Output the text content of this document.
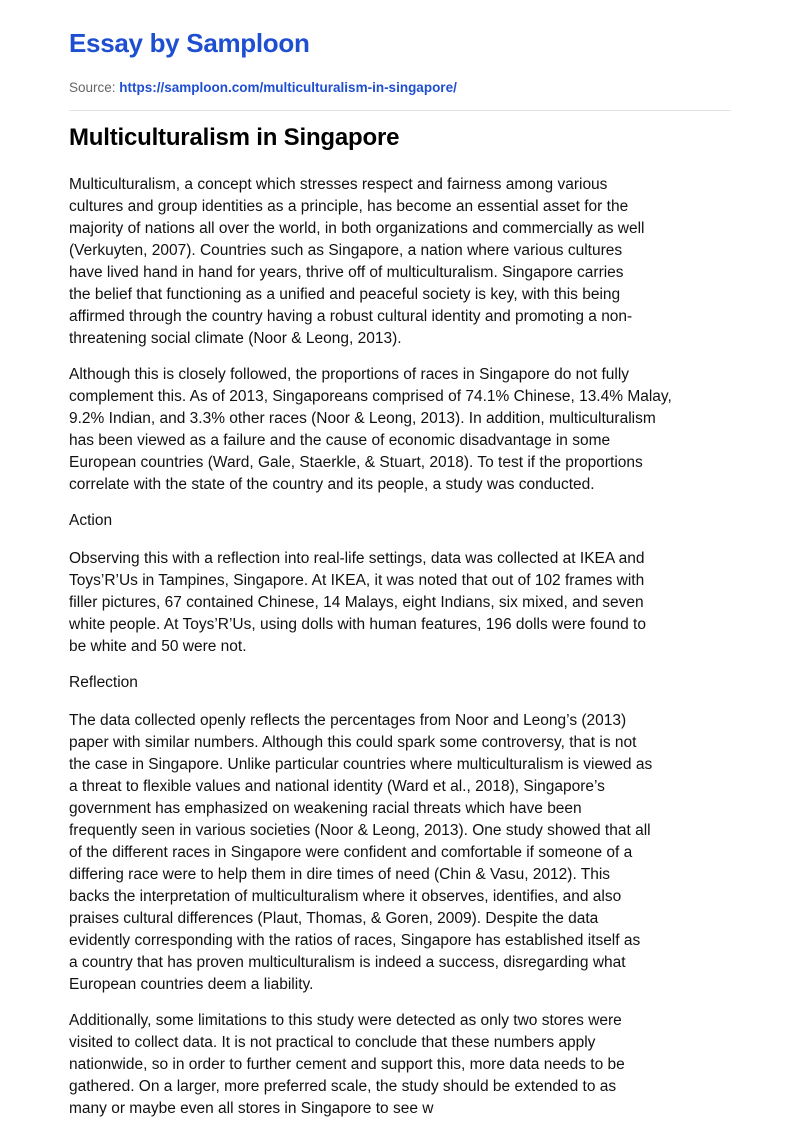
Essay by Samploon
Source: https://samploon.com/multiculturalism-in-singapore/
Multiculturalism in Singapore
Multiculturalism, a concept which stresses respect and fairness among various
cultures and group identities as a principle, has become an essential asset for the
majority of nations all over the world, in both organizations and commercially as well
(Verkuyten, 2007). Countries such as Singapore, a nation where various cultures
have lived hand in hand for years, thrive off of multiculturalism. Singapore carries
the belief that functioning as a unified and peaceful society is key, with this being
affirmed through the country having a robust cultural identity and promoting a non-
threatening social climate (Noor & Leong, 2013).
Although this is closely followed, the proportions of races in Singapore do not fully
complement this. As of 2013, Singaporeans comprised of 74.1% Chinese, 13.4% Malay,
9.2% Indian, and 3.3% other races (Noor & Leong, 2013). In addition, multiculturalism
has been viewed as a failure and the cause of economic disadvantage in some
European countries (Ward, Gale, Staerkle, & Stuart, 2018). To test if the proportions
correlate with the state of the country and its people, a study was conducted.
Action
Observing this with a reflection into real-life settings, data was collected at IKEA and
Toys’R’Us in Tampines, Singapore. At IKEA, it was noted that out of 102 frames with
filler pictures, 67 contained Chinese, 14 Malays, eight Indians, six mixed, and seven
white people. At Toys’R’Us, using dolls with human features, 196 dolls were found to
be white and 50 were not.
Reflection
The data collected openly reflects the percentages from Noor and Leong’s (2013)
paper with similar numbers. Although this could spark some controversy, that is not
the case in Singapore. Unlike particular countries where multiculturalism is viewed as
a threat to flexible values and national identity (Ward et al., 2018), Singapore’s
government has emphasized on weakening racial threats which have been
frequently seen in various societies (Noor & Leong, 2013). One study showed that all
of the different races in Singapore were confident and comfortable if someone of a
differing race were to help them in dire times of need (Chin & Vasu, 2012). This
backs the interpretation of multiculturalism where it observes, identifies, and also
praises cultural differences (Plaut, Thomas, & Goren, 2009). Despite the data
evidently corresponding with the ratios of races, Singapore has established itself as
a country that has proven multiculturalism is indeed a success, disregarding what
European countries deem a liability.
Additionally, some limitations to this study were detected as only two stores were
visited to collect data. It is not practical to conclude that these numbers apply
nationwide, so in order to further cement and support this, more data needs to be
gathered. On a larger, more preferred scale, the study should be extended to as
many or maybe even all stores in Singapore to see w
